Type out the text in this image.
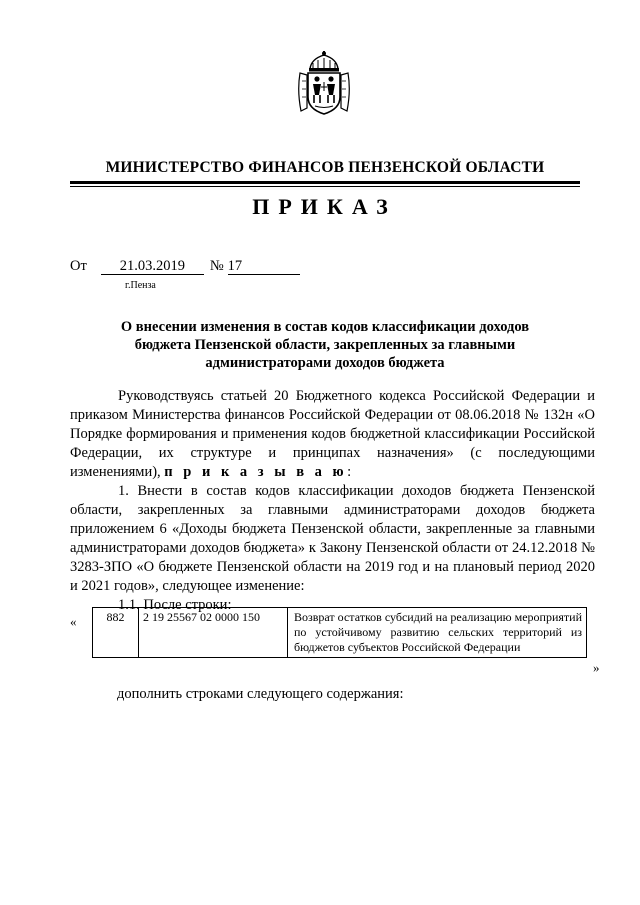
МИНИСТЕРСТВО ФИНАНСОВ ПЕНЗЕНСКОЙ ОБЛАСТИ
ПРИКАЗ
От 21.03.2019 № 17
г.Пенза
О внесении изменения в состав кодов классификации доходов бюджета Пензенской области, закрепленных за главными администраторами доходов бюджета

Руководствуясь статьей 20 Бюджетного кодекса Российской Федерации и приказом Министерства финансов Российской Федерации от 08.06.2018 № 132н «О Порядке формирования и применения кодов бюджетной классификации Российской Федерации, их структуре и принципах назначения» (с последующими изменениями), п р и к а з ы в а ю:

1. Внести в состав кодов классификации доходов бюджета Пензенской области, закрепленных за главными администраторами доходов бюджета приложением 6 «Доходы бюджета Пензенской области, закрепленные за главными администраторами доходов бюджета» к Закону Пензенской области от 24.12.2018 № 3283-ЗПО «О бюджете Пензенской области на 2019 год и на плановый период 2020 и 2021 годов», следующее изменение:

1.1. После строки:

«	882	2 19 25567 02 0000 150	Возврат остатков субсидий на реализацию мероприятий по устойчивому развитию сельских территорий из бюджетов субъектов Российской Федерации
»
дополнить строками следующего содержания:
